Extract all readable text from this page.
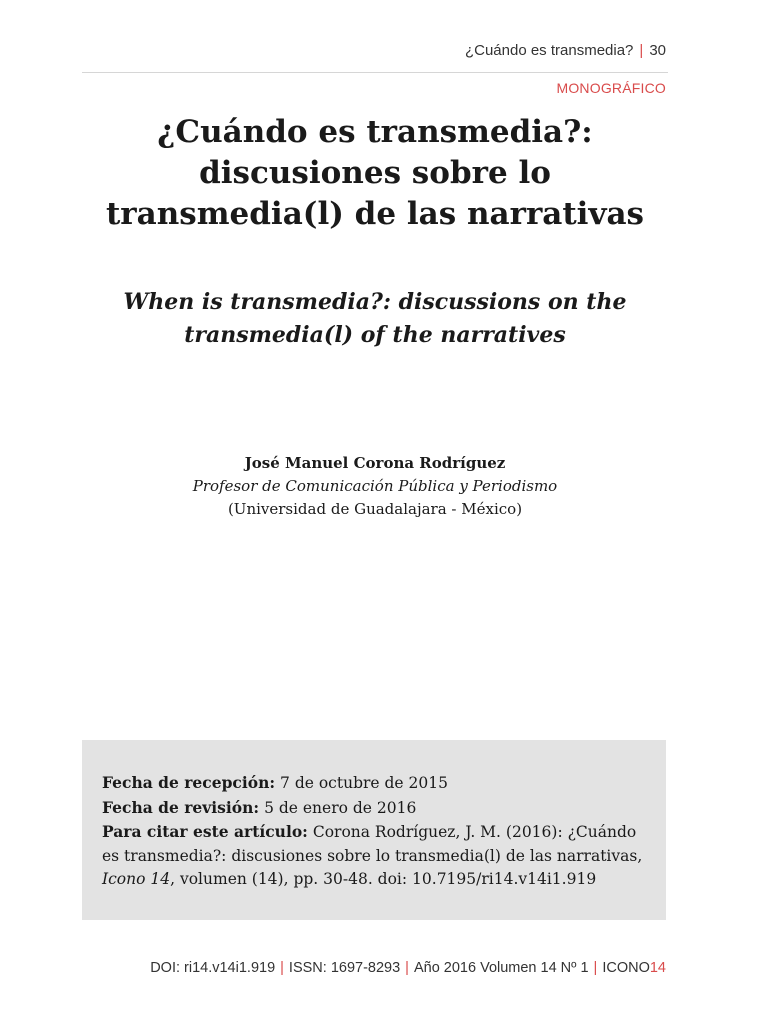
¿Cuándo es transmedia? | 30
MONOGRÁFICO
¿Cuándo es transmedia?: discusiones sobre lo transmedia(l) de las narrativas
When is transmedia?: discussions on the transmedia(l) of the narratives
José Manuel Corona Rodríguez
Profesor de Comunicación Pública y Periodismo
(Universidad de Guadalajara - México)

Fecha de recepción: 7 de octubre de 2015

Fecha de revisión: 5 de enero de 2016

Para citar este artículo: Corona Rodríguez, J. M. (2016): ¿Cuándo es transmedia?: discusiones sobre lo transmedia(l) de las narrativas, Icono 14, volumen (14), pp. 30-48. doi: 10.7195/ri14.v14i1.919

DOI: ri14.v14i1.919 | ISSN: 1697-8293 | Año 2016 Volumen 14 Nº 1 | ICONO14
